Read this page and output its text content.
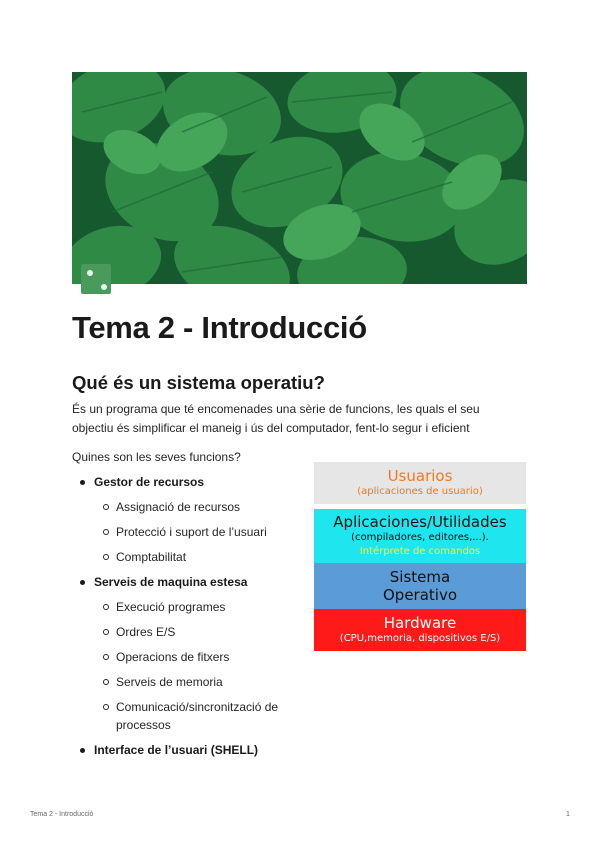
Tema 2 - Introducció
Qué és un sistema operatiu?

És un programa que té encomenades una sèrie de funcions, les quals el seu objectiu és simplificar el maneig i ús del computador, fent-lo segur i eficient

Quines son les seves funcions?

Gestor de recursos
Assignació de recursos
Protecció i suport de l’usuari
Comptabilitat
Serveis de maquina estesa
Execució programes
Ordres E/S
Operacions de fitxers
Serveis de memoria
Comunicació/sincronització de processos
Interface de l’usuari (SHELL)
Usuarios
(aplicaciones de usuario)
Aplicaciones/Utilidades
(compiladores, editores,...).
Intérprete de comandos
Sistema
Operativo
Hardware
(CPU,memoria, dispositivos E/S)
Tema 2 - Introducció	1
